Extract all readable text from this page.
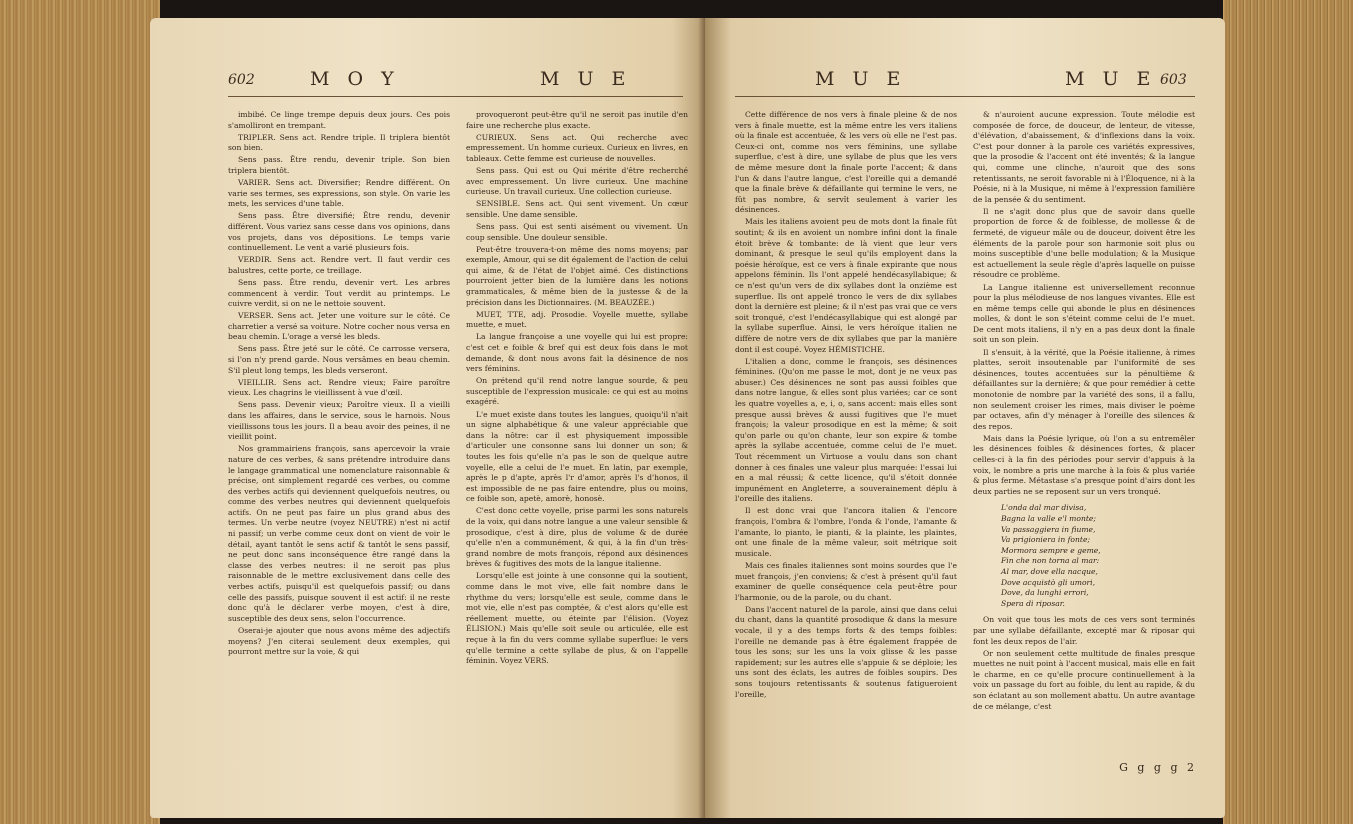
602	M O Y	M U E

imbibé. Ce linge trempe depuis deux jours. Ces pois s'amolliront en trempant.

TRIPLER. Sens act. Rendre triple. Il triplera bientôt son bien.

Sens pass. Être rendu, devenir triple. Son bien triplera bientôt.

VARIER. Sens act. Diversifier; Rendre différent. On varie ses termes, ses expressions, son style. On varie les mets, les services d'une table.

Sens pass. Être diversifié; Être rendu, devenir différent. Vous variez sans cesse dans vos opinions, dans vos projets, dans vos dépositions. Le temps varie continuellement. Le vent a varié plusieurs fois.

VERDIR. Sens act. Rendre vert. Il faut verdir ces balustres, cette porte, ce treillage.

Sens pass. Être rendu, devenir vert. Les arbres commencent à verdir. Tout verdit au printemps. Le cuivre verdit, si on ne le nettoie souvent.

VERSER. Sens act. Jeter une voiture sur le côté. Ce charretier a versé sa voiture. Notre cocher nous versa en beau chemin. L'orage a versé les bleds.

Sens pass. Être jeté sur le côté. Ce carrosse versera, si l'on n'y prend garde. Nous versâmes en beau chemin. S'il pleut long temps, les bleds verseront.

VIEILLIR. Sens act. Rendre vieux; Faire paroître vieux. Les chagrins le vieillissent à vue d'œil.

Sens pass. Devenir vieux; Paroître vieux. Il a vieilli dans les affaires, dans le service, sous le harnois. Nous vieillissons tous les jours. Il a beau avoir des peines, il ne vieillit point.

Nos grammairiens françois, sans apercevoir la vraie nature de ces verbes, & sans prétendre introduire dans le langage grammatical une nomenclature raisonnable & précise, ont simplement regardé ces verbes, ou comme des verbes actifs qui deviennent quelquefois neutres, ou comme des verbes neutres qui deviennent quelquefois actifs. On ne peut pas faire un plus grand abus des termes. Un verbe neutre (voyez NEUTRE) n'est ni actif ni passif; un verbe comme ceux dont on vient de voir le détail, ayant tantôt le sens actif & tantôt le sens passif, ne peut donc sans inconséquence être rangé dans la classe des verbes neutres: il ne seroit pas plus raisonnable de le mettre exclusivement dans celle des verbes actifs, puisqu'il est quelquefois passif; ou dans celle des passifs, puisque souvent il est actif: il ne reste donc qu'à le déclarer verbe moyen, c'est à dire, susceptible des deux sens, selon l'occurrence.

Oserai-je ajouter que nous avons même des adjectifs moyens? J'en citerai seulement deux exemples, qui pourront mettre sur la voie, & qui

provoqueront peut-être qu'il ne seroit pas inutile d'en faire une recherche plus exacte.

CURIEUX. Sens act. Qui recherche avec empressement. Un homme curieux. Curieux en livres, en tableaux. Cette femme est curieuse de nouvelles.

Sens pass. Qui est ou Qui mérite d'être recherché avec empressement. Un livre curieux. Une machine curieuse. Un travail curieux. Une collection curieuse.

SENSIBLE. Sens act. Qui sent vivement. Un cœur sensible. Une dame sensible.

Sens pass. Qui est senti aisément ou vivement. Un coup sensible. Une douleur sensible.

Peut-être trouvera-t-on même des noms moyens; par exemple, Amour, qui se dit également de l'action de celui qui aime, & de l'état de l'objet aimé. Ces distinctions pourroient jetter bien de la lumière dans les notions grammaticales, & même bien de la justesse & de la précision dans les Dictionnaires. (M. BEAUZÉE.)

MUET, TTE, adj. Prosodie. Voyelle muette, syllabe muette, e muet.

La langue françoise a une voyelle qui lui est propre: c'est cet e foible & bref qui est deux fois dans le mot demande, & dont nous avons fait la désinence de nos vers féminins.

On prétend qu'il rend notre langue sourde, & peu susceptible de l'expression musicale: ce qui est au moins exagéré.

L'e muet existe dans toutes les langues, quoiqu'il n'ait un signe alphabétique & une valeur appréciable que dans la nôtre: car il est physiquement impossible d'articuler une consonne sans lui donner un son; & toutes les fois qu'elle n'a pas le son de quelque autre voyelle, elle a celui de l'e muet. En latin, par exemple, après le p d'apte, après l'r d'amor, après l's d'honos, il est impossible de ne pas faire entendre, plus ou moins, ce foible son, apetè, amorè, honosè.

C'est donc cette voyelle, prise parmi les sons naturels de la voix, qui dans notre langue a une valeur sensible & prosodique, c'est à dire, plus de volume & de durée qu'elle n'en a communément, & qui, à la fin d'un très-grand nombre de mots françois, répond aux désinences brèves & fugitives des mots de la langue italienne.

Lorsqu'elle est jointe à une consonne qui la soutient, comme dans le mot vive, elle fait nombre dans le rhythme du vers; lorsqu'elle est seule, comme dans le mot vie, elle n'est pas comptée, & c'est alors qu'elle est réellement muette, ou éteinte par l'élision. (Voyez ÉLISION.) Mais qu'elle soit seule ou articulée, elle est reçue à la fin du vers comme syllabe superflue: le vers qu'elle termine a cette syllabe de plus, & on l'appelle féminin. Voyez VERS.

M U E	M U E 603

Cette différence de nos vers à finale pleine & de nos vers à finale muette, est la même entre les vers italiens où la finale est accentuée, & les vers où elle ne l'est pas. Ceux-ci ont, comme nos vers féminins, une syllabe superflue, c'est à dire, une syllabe de plus que les vers de même mesure dont la finale porte l'accent; & dans l'un & dans l'autre langue, c'est l'oreille qui a demandé que la finale brève & défaillante qui termine le vers, ne fût pas nombre, & servît seulement à varier les désinences.

Mais les italiens avoient peu de mots dont la finale fût soutint; & ils en avoient un nombre infini dont la finale étoit brève & tombante: de là vient que leur vers dominant, & presque le seul qu'ils employent dans la poésie héroïque, est ce vers à finale expirante que nous appelons féminin. Ils l'ont appelé hendécasyllabique; & ce n'est qu'un vers de dix syllabes dont la onzième est superflue. Ils ont appelé tronco le vers de dix syllabes dont la dernière est pleine; & il n'est pas vrai que ce vers soit tronqué, c'est l'endécasyllabique qui est alongé par la syllabe superflue. Ainsi, le vers héroïque italien ne diffère de notre vers de dix syllabes que par la manière dont il est coupé. Voyez HÉMISTICHE.

L'italien a donc, comme le françois, ses désinences féminines. (Qu'on me passe le mot, dont je ne veux pas abuser.) Ces désinences ne sont pas aussi foibles que dans notre langue, & elles sont plus variées; car ce sont les quatre voyelles a, e, i, o, sans accent: mais elles sont presque aussi brèves & aussi fugitives que l'e muet françois; la valeur prosodique en est la même; & soit qu'on parle ou qu'on chante, leur son expire & tombe après la syllabe accentuée, comme celui de l'e muet. Tout récemment un Virtuose a voulu dans son chant donner à ces finales une valeur plus marquée: l'essai lui en a mal réussi; & cette licence, qu'il s'étoit donnée impunément en Angleterre, a souverainement déplu à l'oreille des italiens.

Il est donc vrai que l'ancora italien & l'encore françois, l'ombra & l'ombre, l'onda & l'onde, l'amante & l'amante, lo pianto, le pianti, & la plainte, les plaintes, ont une finale de la même valeur, soit métrique soit musicale.

Mais ces finales italiennes sont moins sourdes que l'e muet françois, j'en conviens; & c'est à présent qu'il faut examiner de quelle conséquence cela peut-être pour l'harmonie, ou de la parole, ou du chant.

Dans l'accent naturel de la parole, ainsi que dans celui du chant, dans la quantité prosodique & dans la mesure vocale, il y a des temps forts & des temps foibles: l'oreille ne demande pas à être également frappée de tous les sons; sur les uns la voix glisse & les passe rapidement; sur les autres elle s'appuie & se déploie; les uns sont des éclats, les autres de foibles soupirs. Des sons toujours retentissants & soutenus fatigueroient l'oreille,

& n'auroient aucune expression. Toute mélodie est composée de force, de douceur, de lenteur, de vitesse, d'élévation, d'abaissement, & d'inflexions dans la voix. C'est pour donner à la parole ces variétés expressives, que la prosodie & l'accent ont été inventés; & la langue qui, comme une clinche, n'auroit que des sons retentissants, ne seroit favorable ni à l'Éloquence, ni à la Poésie, ni à la Musique, ni même à l'expression familière de la pensée & du sentiment.

Il ne s'agit donc plus que de savoir dans quelle proportion de force & de foiblesse, de mollesse & de fermeté, de vigueur mâle ou de douceur, doivent être les éléments de la parole pour son harmonie soit plus ou moins susceptible d'une belle modulation; & la Musique est actuellement la seule règle d'après laquelle on puisse résoudre ce problème.

La Langue italienne est universellement reconnue pour la plus mélodieuse de nos langues vivantes. Elle est en même temps celle qui abonde le plus en désinences molles, & dont le son s'éteint comme celui de l'e muet. De cent mots italiens, il n'y en a pas deux dont la finale soit un son plein.

Il s'ensuit, à la vérité, que la Poésie italienne, à rimes plattes, seroit insoutenable par l'uniformité de ses désinences, toutes accentuées sur la pénultième & défaillantes sur la dernière; & que pour remédier à cette monotonie de nombre par la variété des sons, il a fallu, non seulement croiser les rimes, mais diviser le poème par octaves, afin d'y ménager à l'oreille des silences & des repos.

Mais dans la Poésie lyrique, où l'on a su entremêler les désinences foibles & désinences fortes, & placer celles-ci à la fin des périodes pour servir d'appuis à la voix, le nombre a pris une marche à la fois & plus variée & plus ferme. Métastase s'a presque point d'airs dont les deux parties ne se reposent sur un vers tronqué.

L'onda dal mar divisa,
Bagna la valle e'l monte;
Va passaggiera in fiume,
Va prigioniera in fonte;
Mormora sempre e geme,
Fin che non torna al mar:
Al mar, dove ella nacque,
Dove acquistò gli umori,
Dove, da lunghi errori,
Spera di riposar.

On voit que tous les mots de ces vers sont terminés par une syllabe défaillante, excepté mar & riposar qui font les deux repos de l'air.

Or non seulement cette multitude de finales presque muettes ne nuit point à l'accent musical, mais elle en fait le charme, en ce qu'elle procure continuellement à la voix un passage du fort au foible, du lent au rapide, & du son éclatant au son mollement abattu. Un autre avantage de ce mélange, c'est

G g g g 2
